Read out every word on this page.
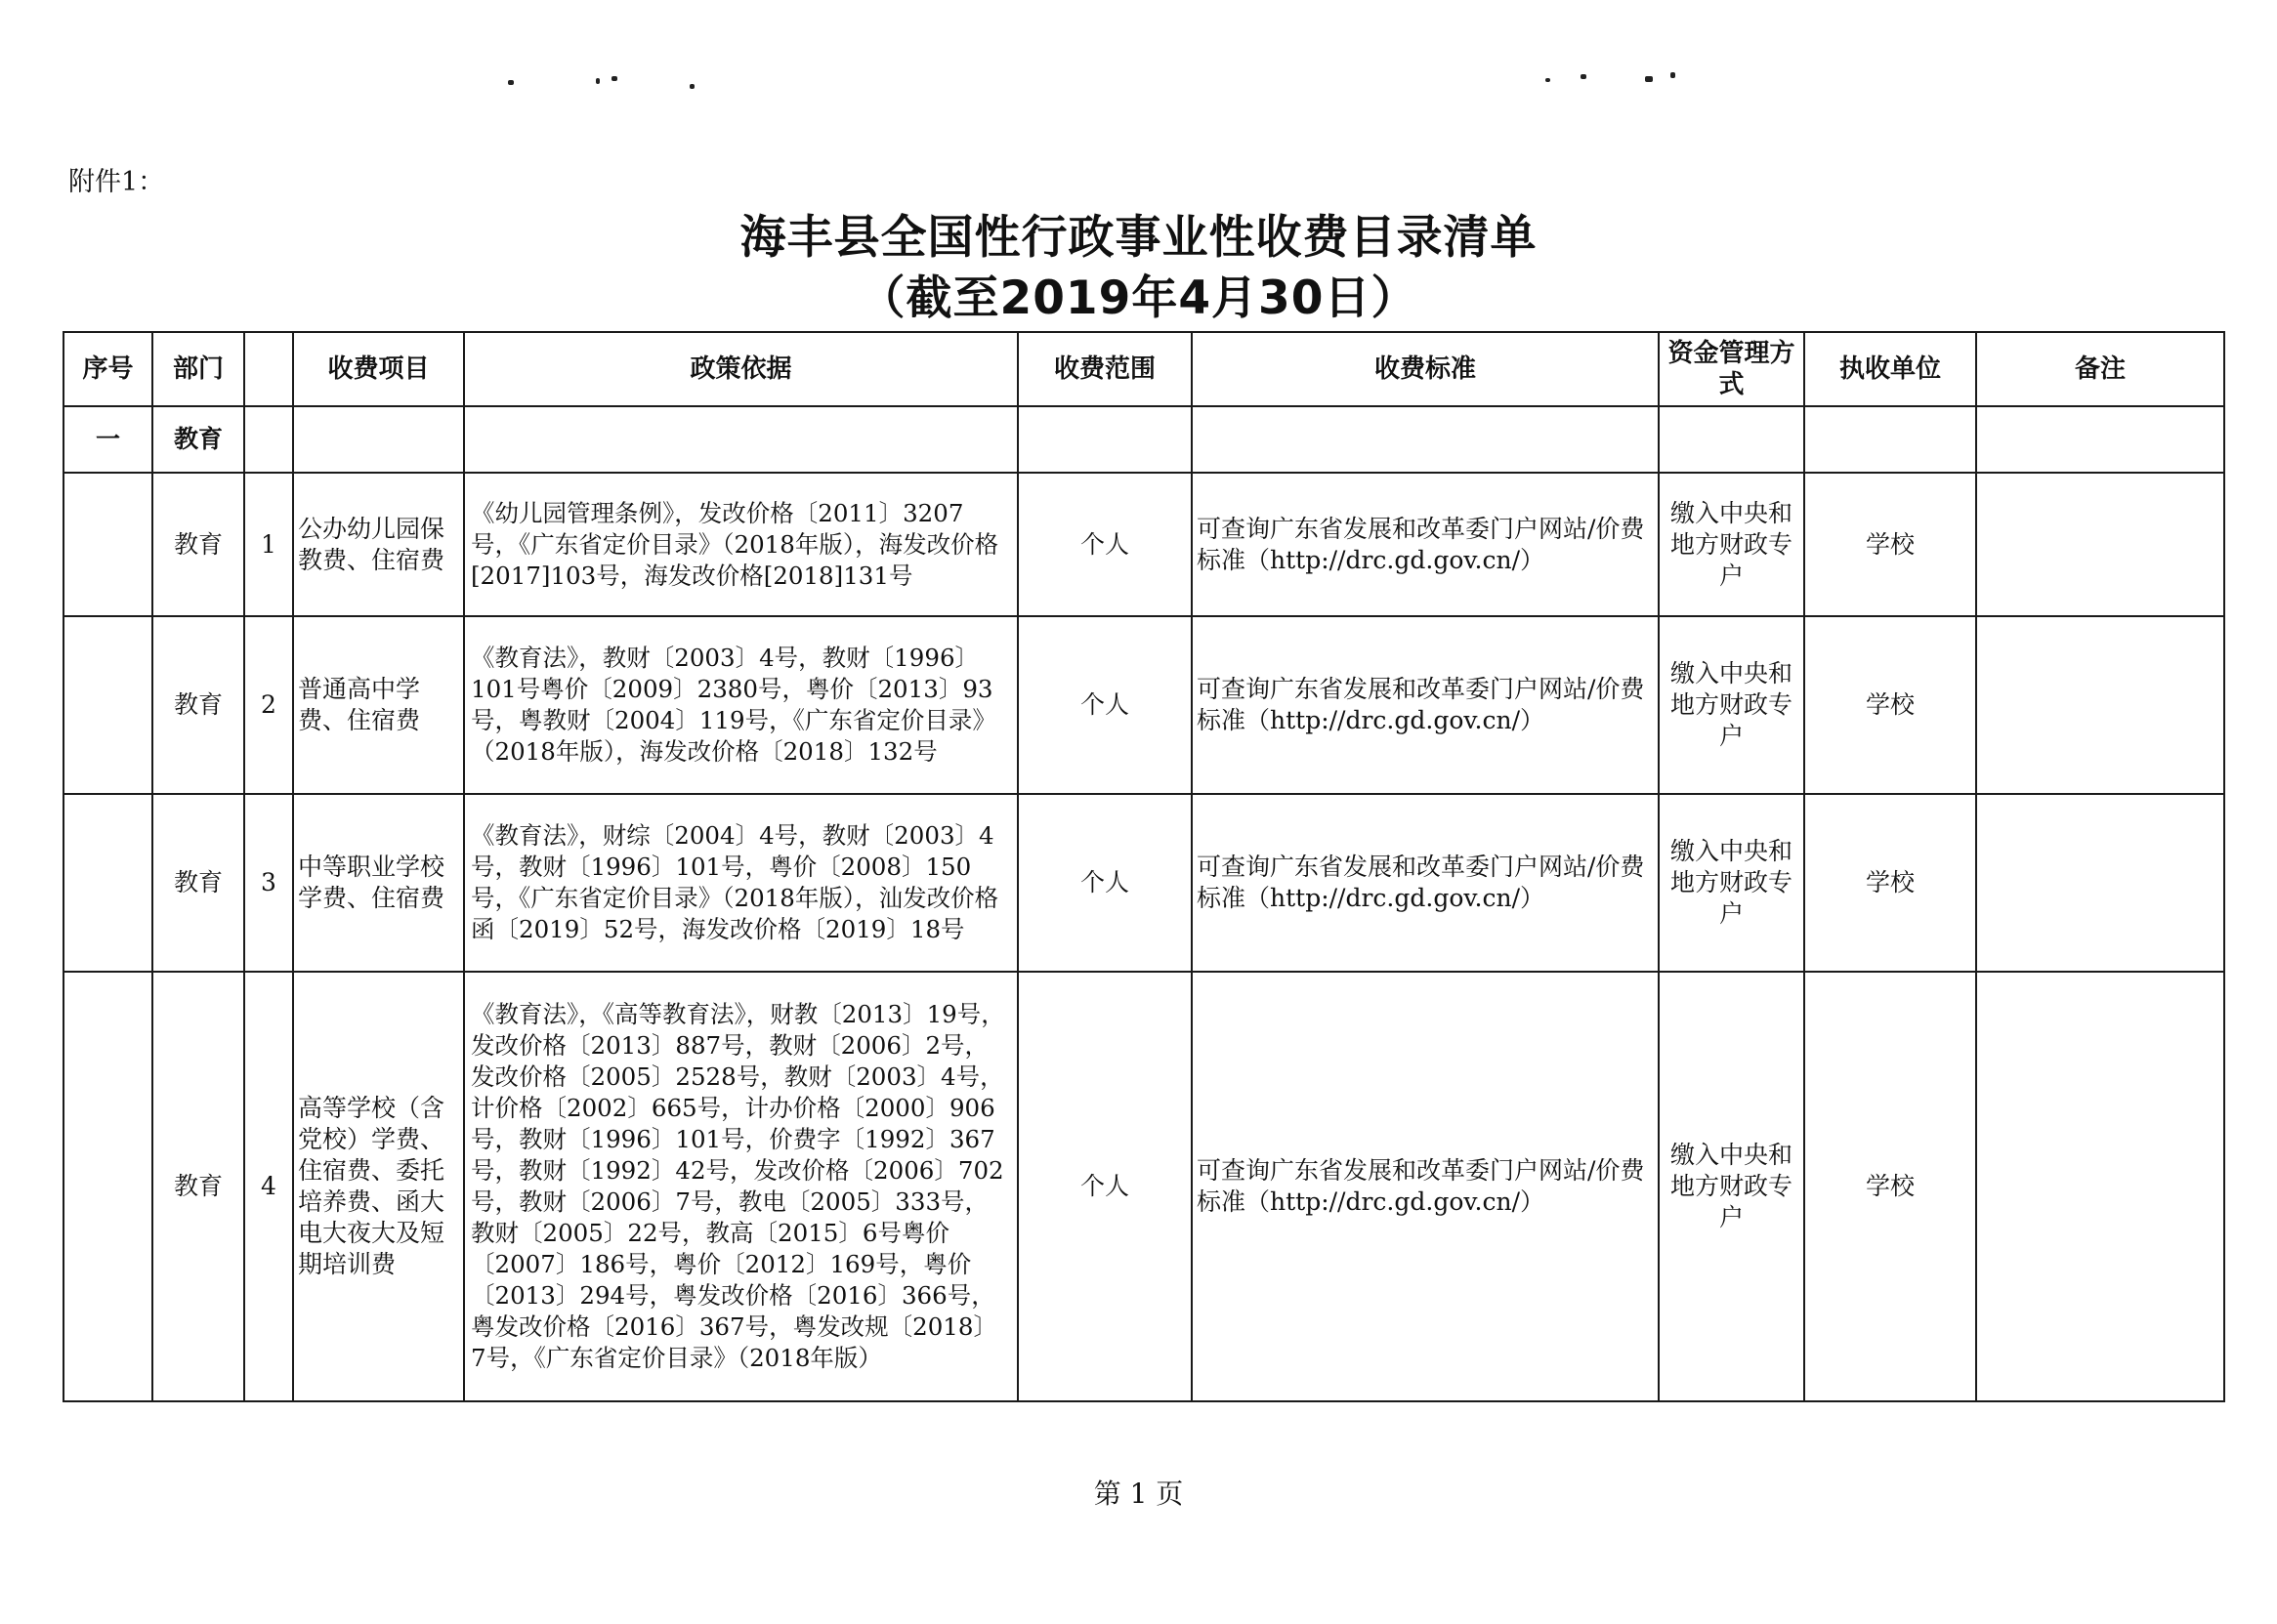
附件1：
海丰县全国性行政事业性收费目录清单
（截至2019年4月30日）
序号	部门		收费项目	政策依据	收费范围	收费标准	资金管理方式	执收单位	备注
一	教育								
	教育	1	公办幼儿园保教费、住宿费	《幼儿园管理条例》，发改价格〔2011〕3207号，《广东省定价目录》（2018年版），海发改价格[2017]103号，海发改价格[2018]131号	个人	可查询广东省发展和改革委门户网站/价费标准（http://drc.gd.gov.cn/）	缴入中央和地方财政专户	学校	
	教育	2	普通高中学费、住宿费	《教育法》，教财〔2003〕4号，教财〔1996〕101号粤价〔2009〕2380号，粤价〔2013〕93号，粤教财〔2004〕119号，《广东省定价目录》（2018年版），海发改价格〔2018〕132号	个人	可查询广东省发展和改革委门户网站/价费标准（http://drc.gd.gov.cn/）	缴入中央和地方财政专户	学校	
	教育	3	中等职业学校学费、住宿费	《教育法》，财综〔2004〕4号，教财〔2003〕4号，教财〔1996〕101号，粤价〔2008〕150号，《广东省定价目录》（2018年版），汕发改价格函〔2019〕52号，海发改价格〔2019〕18号	个人	可查询广东省发展和改革委门户网站/价费标准（http://drc.gd.gov.cn/）	缴入中央和地方财政专户	学校	
	教育	4	高等学校（含党校）学费、住宿费、委托培养费、函大电大夜大及短期培训费	《教育法》，《高等教育法》，财教〔2013〕19号，发改价格〔2013〕887号，教财〔2006〕2号，发改价格〔2005〕2528号，教财〔2003〕4号，计价格〔2002〕665号，计办价格〔2000〕906号，教财〔1996〕101号，价费字〔1992〕367号，教财〔1992〕42号，发改价格〔2006〕702号，教财〔2006〕7号，教电〔2005〕333号，教财〔2005〕22号，教高〔2015〕6号粤价〔2007〕186号，粤价〔2012〕169号，粤价〔2013〕294号，粤发改价格〔2016〕366号，粤发改价格〔2016〕367号，粤发改规〔2018〕7号，《广东省定价目录》（2018年版）	个人	可查询广东省发展和改革委门户网站/价费标准（http://drc.gd.gov.cn/）	缴入中央和地方财政专户	学校	
第 1 页
